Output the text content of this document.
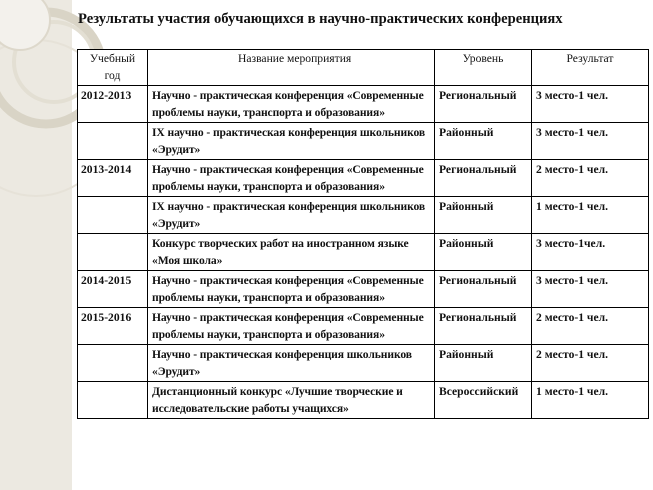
Результаты участия обучающихся в научно-практических конференциях
Учебный год	Название мероприятия	Уровень	Результат
2012-2013	Научно - практическая конференция «Современные проблемы науки, транспорта и образования»	Региональный	3 место-1 чел.
	IX научно - практическая конференция школьников «Эрудит»	Районный	3 место-1 чел.
2013-2014	Научно - практическая конференция «Современные проблемы науки, транспорта и образования»	Региональный	2 место-1 чел.
	IX научно - практическая конференция школьников «Эрудит»	Районный	1 место-1 чел.
	Конкурс творческих работ на иностранном языке «Моя школа»	Районный	3 место-1чел.
2014-2015	Научно - практическая конференция «Современные проблемы науки, транспорта и образования»	Региональный	3 место-1 чел.
2015-2016	Научно - практическая конференция «Современные проблемы науки, транспорта и образования»	Региональный	2 место-1 чел.
	Научно - практическая конференция школьников «Эрудит»	Районный	2 место-1 чел.
	Дистанционный конкурс «Лучшие творческие и исследовательские работы учащихся»	Всероссийский	1 место-1 чел.
